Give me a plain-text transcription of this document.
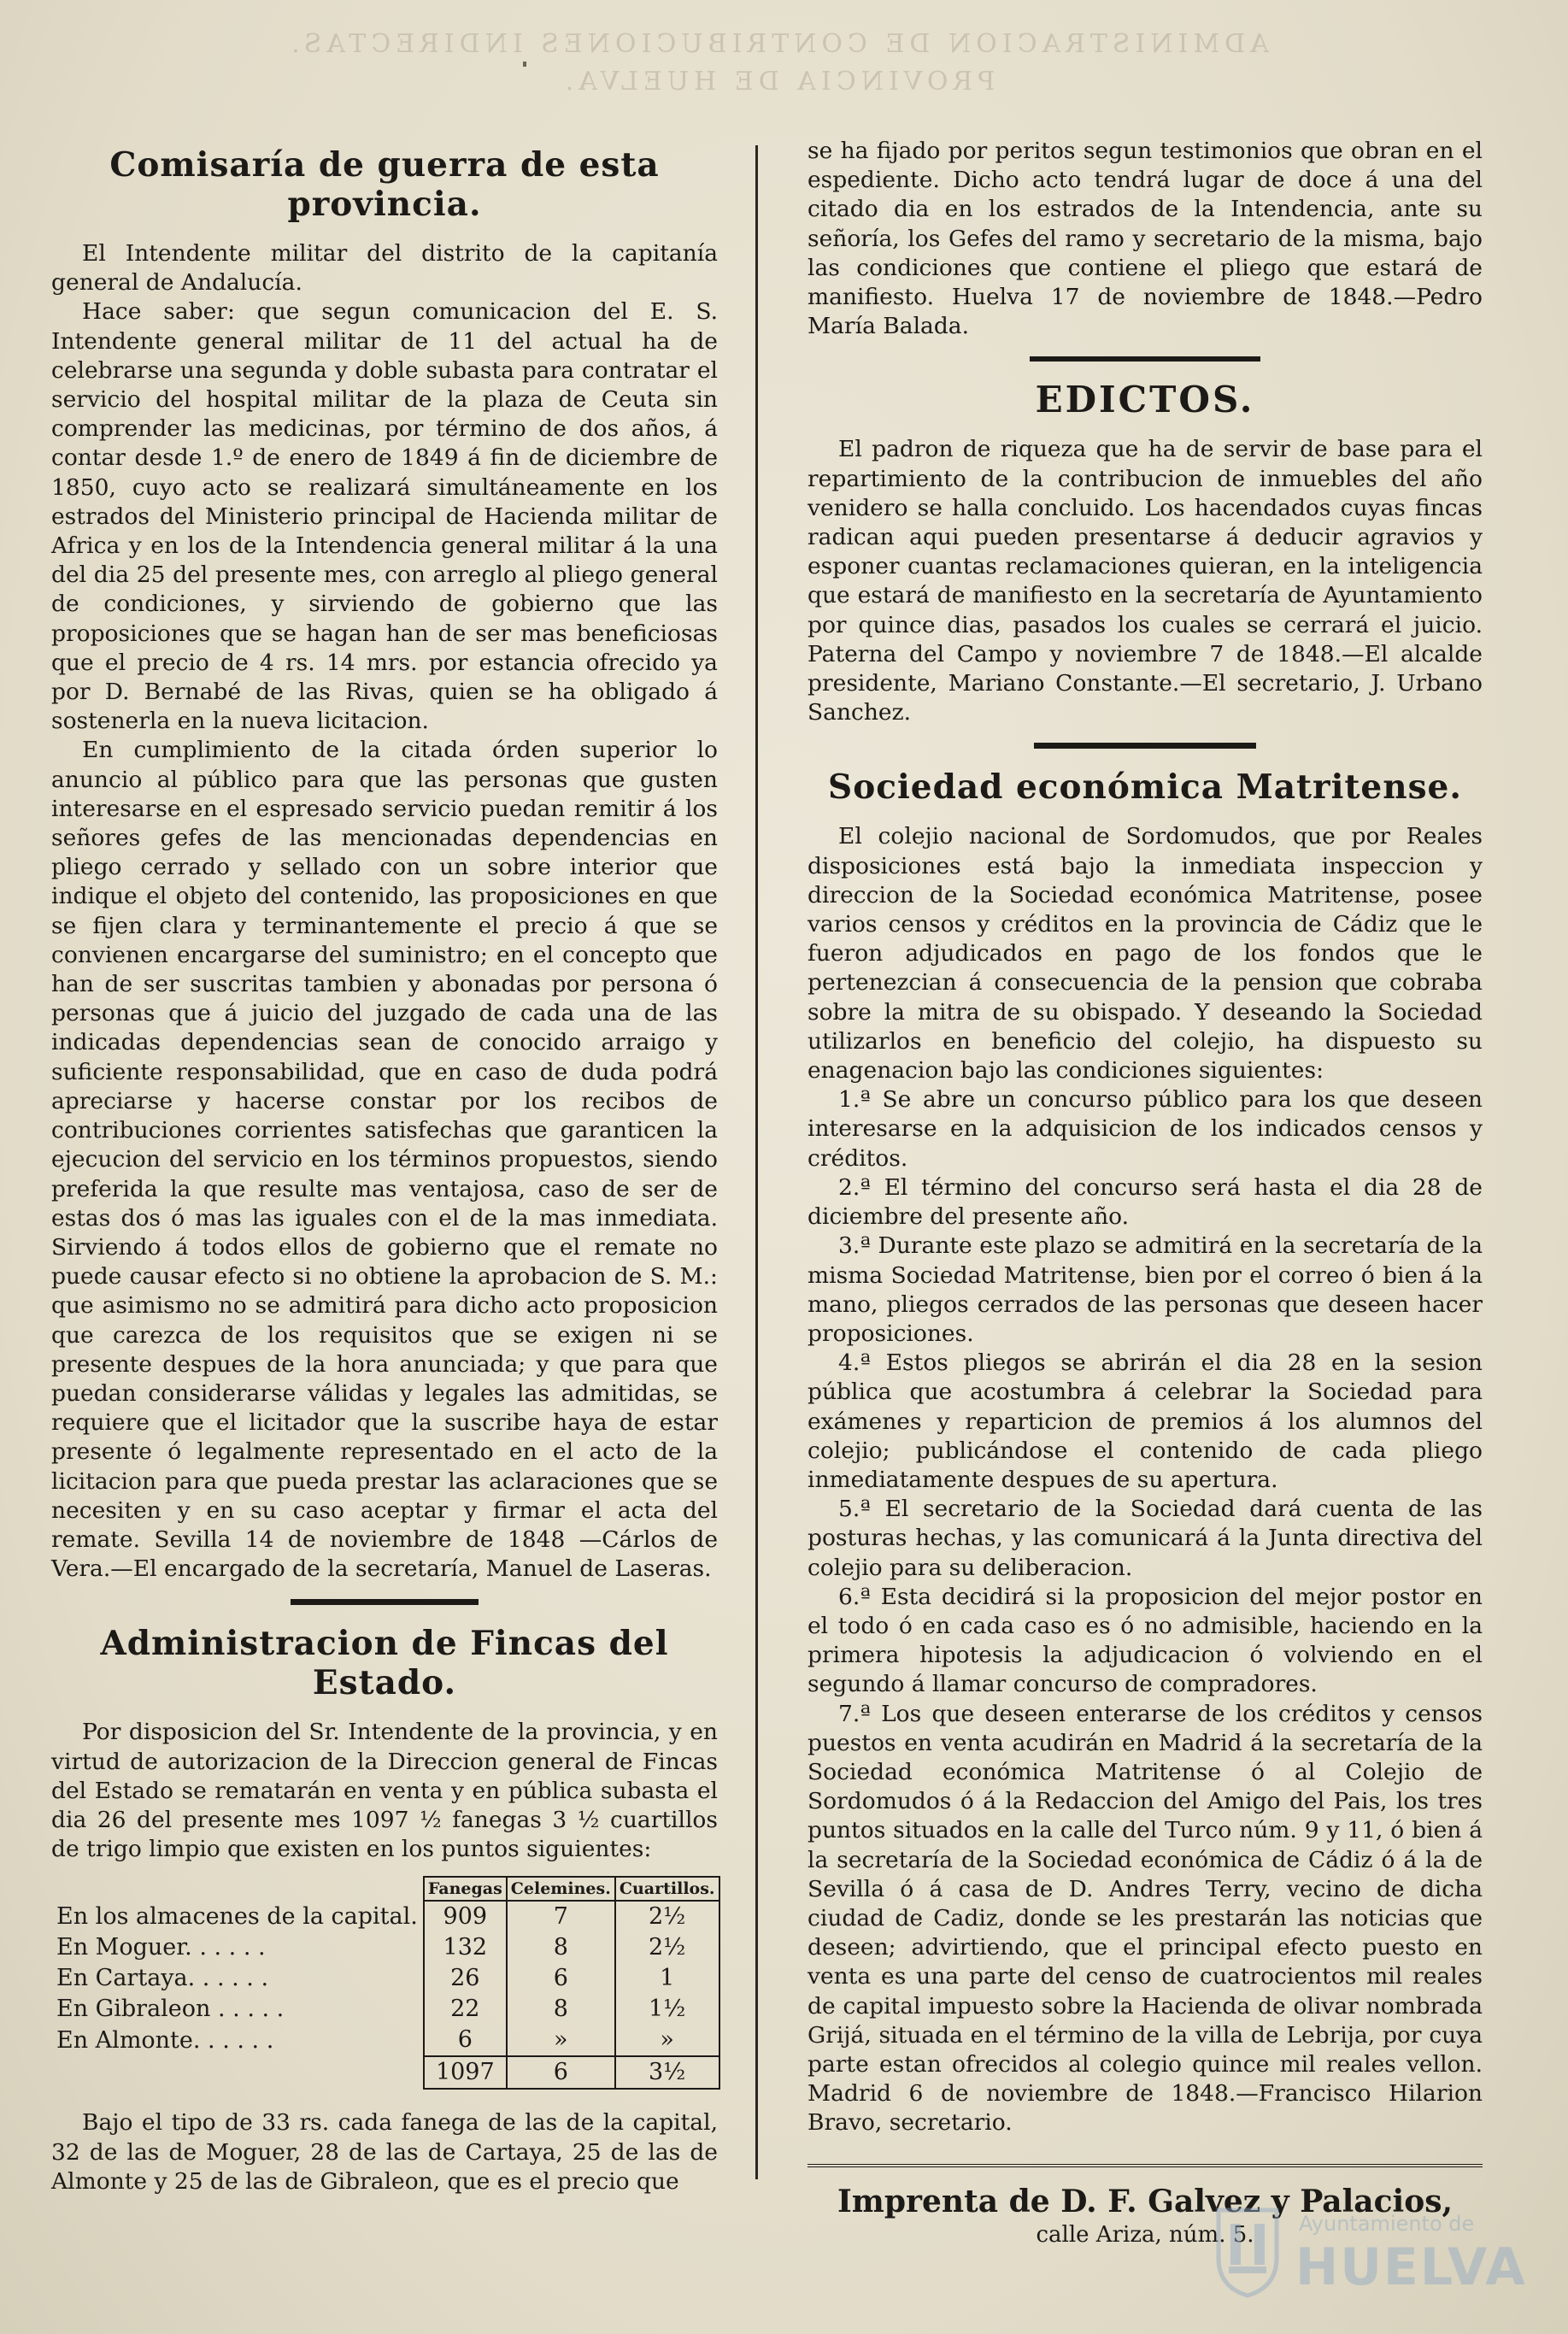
ADMINISTRACION DE CONTRIBUCIONES INDIRECTAS.
PROVINCIA DE HUELVA.
Comisaría de guerra de esta provincia.

El Intendente militar del distrito de la capitanía general de Andalucía.

Hace saber: que segun comunicacion del E. S. Intendente general militar de 11 del actual ha de celebrarse una segunda y doble subasta para contratar el servicio del hospital militar de la plaza de Ceuta sin comprender las medicinas, por término de dos años, á contar desde 1.º de enero de 1849 á fin de diciembre de 1850, cuyo acto se realizará simultáneamente en los estrados del Ministerio principal de Hacienda militar de Africa y en los de la Intendencia general militar á la una del dia 25 del presente mes, con arreglo al pliego general de condiciones, y sirviendo de gobierno que las proposiciones que se hagan han de ser mas beneficiosas que el precio de 4 rs. 14 mrs. por estancia ofrecido ya por D. Bernabé de las Rivas, quien se ha obligado á sostenerla en la nueva licitacion.

En cumplimiento de la citada órden superior lo anuncio al público para que las personas que gusten interesarse en el espresado servicio puedan remitir á los señores gefes de las mencionadas dependencias en pliego cerrado y sellado con un sobre interior que indique el objeto del contenido, las proposiciones en que se fijen clara y terminantemente el precio á que se convienen encargarse del suministro; en el concepto que han de ser suscritas tambien y abonadas por persona ó personas que á juicio del juzgado de cada una de las indicadas dependencias sean de conocido arraigo y suficiente responsabilidad, que en caso de duda podrá apreciarse y hacerse constar por los recibos de contribuciones corrientes satisfechas que garanticen la ejecucion del servicio en los términos propuestos, siendo preferida la que resulte mas ventajosa, caso de ser de estas dos ó mas las iguales con el de la mas inmediata. Sirviendo á todos ellos de gobierno que el remate no puede causar efecto si no obtiene la aprobacion de S. M.: que asimismo no se admitirá para dicho acto proposicion que carezca de los requisitos que se exigen ni se presente despues de la hora anunciada; y que para que puedan considerarse válidas y legales las admitidas, se requiere que el licitador que la suscribe haya de estar presente ó legalmente representado en el acto de la licitacion para que pueda prestar las aclaraciones que se necesiten y en su caso aceptar y firmar el acta del remate. Sevilla 14 de noviembre de 1848 —Cárlos de Vera.—El encargado de la secretaría, Manuel de Laseras.

Administracion de Fincas del Estado.

Por disposicion del Sr. Intendente de la provincia, y en virtud de autorizacion de la Direccion general de Fincas del Estado se rematarán en venta y en pública subasta el dia 26 del presente mes 1097 ½ fanegas 3 ½ cuartillos de trigo limpio que existen en los puntos siguientes:

	Fanegas	Celemines.	Cuartillos.
En los almacenes de la capital.	909	7	2½
En Moguer. . . . . .	132	8	2½
En Cartaya. . . . . .	26	6	1
En Gibraleon . . . . .	22	8	1½
En Almonte. . . . . .	6	»	»
	1097	6	3½

Bajo el tipo de 33 rs. cada fanega de las de la capital, 32 de las de Moguer, 28 de las de Cartaya, 25 de las de Almonte y 25 de las de Gibraleon, que es el precio que

se ha fijado por peritos segun testimonios que obran en el espediente. Dicho acto tendrá lugar de doce á una del citado dia en los estrados de la Intendencia, ante su señoría, los Gefes del ramo y secretario de la misma, bajo las condiciones que contiene el pliego que estará de manifiesto. Huelva 17 de noviembre de 1848.—Pedro María Balada.

EDICTOS.

El padron de riqueza que ha de servir de base para el repartimiento de la contribucion de inmuebles del año venidero se halla concluido. Los hacendados cuyas fincas radican aqui pueden presentarse á deducir agravios y esponer cuantas reclamaciones quieran, en la inteligencia que estará de manifiesto en la secretaría de Ayuntamiento por quince dias, pasados los cuales se cerrará el juicio. Paterna del Campo y noviembre 7 de 1848.—El alcalde presidente, Mariano Constante.—El secretario, J. Urbano Sanchez.

Sociedad económica Matritense.

El colejio nacional de Sordomudos, que por Reales disposiciones está bajo la inmediata inspeccion y direccion de la Sociedad económica Matritense, posee varios censos y créditos en la provincia de Cádiz que le fueron adjudicados en pago de los fondos que le pertenezcian á consecuencia de la pension que cobraba sobre la mitra de su obispado. Y deseando la Sociedad utilizarlos en beneficio del colejio, ha dispuesto su enagenacion bajo las condiciones siguientes:

1.ª Se abre un concurso público para los que deseen interesarse en la adquisicion de los indicados censos y créditos.

2.ª El término del concurso será hasta el dia 28 de diciembre del presente año.

3.ª Durante este plazo se admitirá en la secretaría de la misma Sociedad Matritense, bien por el correo ó bien á la mano, pliegos cerrados de las personas que deseen hacer proposiciones.

4.ª Estos pliegos se abrirán el dia 28 en la sesion pública que acostumbra á celebrar la Sociedad para exámenes y reparticion de premios á los alumnos del colejio; publicándose el contenido de cada pliego inmediatamente despues de su apertura.

5.ª El secretario de la Sociedad dará cuenta de las posturas hechas, y las comunicará á la Junta directiva del colejio para su deliberacion.

6.ª Esta decidirá si la proposicion del mejor postor en el todo ó en cada caso es ó no admisible, haciendo en la primera hipotesis la adjudicacion ó volviendo en el segundo á llamar concurso de compradores.

7.ª Los que deseen enterarse de los créditos y censos puestos en venta acudirán en Madrid á la secretaría de la Sociedad económica Matritense ó al Colejio de Sordomudos ó á la Redaccion del Amigo del Pais, los tres puntos situados en la calle del Turco núm. 9 y 11, ó bien á la secretaría de la Sociedad económica de Cádiz ó á la de Sevilla ó á casa de D. Andres Terry, vecino de dicha ciudad de Cadiz, donde se les prestarán las noticias que deseen; advirtiendo, que el principal efecto puesto en venta es una parte del censo de cuatrocientos mil reales de capital impuesto sobre la Hacienda de olivar nombrada Grijá, situada en el término de la villa de Lebrija, por cuya parte estan ofrecidos al colegio quince mil reales vellon. Madrid 6 de noviembre de 1848.—Francisco Hilarion Bravo, secretario.

Imprenta de D. F. Galvez y Palacios,
calle Ariza, núm. 5.	Ayuntamiento de
HUELVA
